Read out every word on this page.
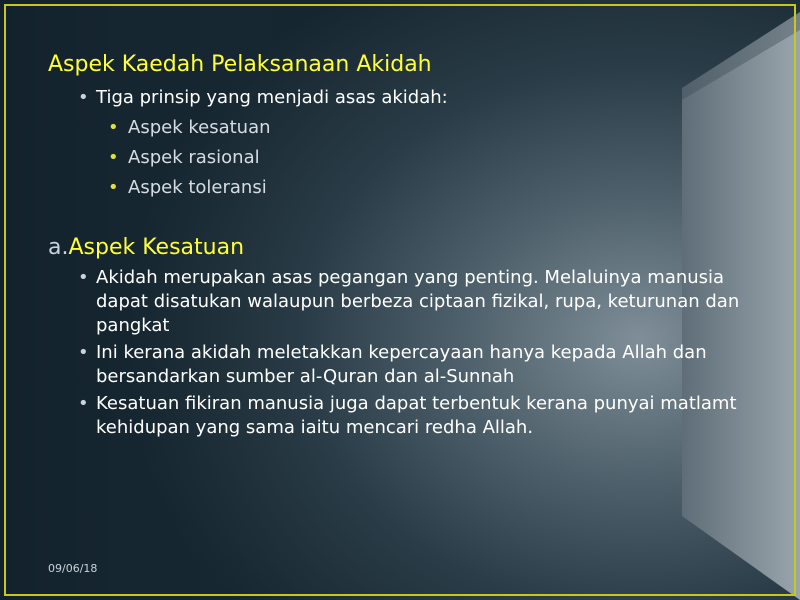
Aspek Kaedah Pelaksanaan Akidah
• Tiga prinsip yang menjadi asas akidah:
• Aspek kesatuan
• Aspek rasional
• Aspek toleransi
a.Aspek Kesatuan
• Akidah merupakan asas pegangan yang penting. Melaluinya manusia dapat disatukan walaupun berbeza ciptaan fizikal, rupa, keturunan dan pangkat
• Ini kerana akidah meletakkan kepercayaan hanya kepada Allah dan bersandarkan sumber al-Quran dan al-Sunnah
• Kesatuan fikiran manusia juga dapat terbentuk kerana punyai matlamt kehidupan yang sama iaitu mencari redha Allah.
09/06/18
